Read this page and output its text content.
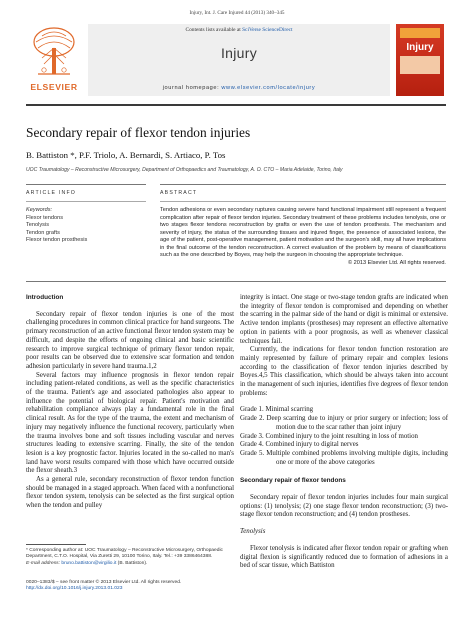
Injury, Int. J. Care Injured 44 (2013) 340–345
ELSEVIER
Contents lists available at SciVerse ScienceDirect
Injury
journal homepage: www.elsevier.com/locate/injury
Injury
Secondary repair of flexor tendon injuries
B. Battiston *, P.F. Triolo, A. Bernardi, S. Artiaco, P. Tos
UOC Traumatology – Reconstructive Microsurgery, Department of Orthopaedics and Traumatology, A. O. CTO – Maria Adelaide, Torino, Italy
ARTICLE INFO	ABSTRACT
Keywords:
Flexor tendons
Tenolysis
Tendon grafts
Flexor tendon prosthesis
Tendon adhesions or even secondary ruptures causing severe hand functional impairment still represent a frequent complication after repair of flexor tendon injuries. Secondary treatment of these problems includes tenolysis, one or two stages flexor tendons reconstruction by grafts or even the use of tendon prosthesis. The mechanism and severity of injury, the status of the surrounding tissues and injured finger, the presence of associated lesions, the age of the patient, post-operative management, patient motivation and the surgeon's skill, may all have implications in the final outcome of the tendon reconstruction. A correct evaluation of the problem by means of classifications such as the one described by Boyes, may help the surgeon in choosing the appropriate technique.
© 2013 Elsevier Ltd. All rights reserved.
Introduction
Secondary repair of flexor tendon injuries is one of the most challenging procedures in common clinical practice for hand surgeons. The primary reconstruction of an active functional flexor tendon system may be difficult, and despite the efforts of ongoing clinical and basic scientific research to improve surgical technique of primary flexor tendon repair, poor results can be observed due to extensive scar formation and tendon adhesion particularly in severe hand trauma.1,2
Several factors may influence prognosis in flexor tendon repair including patient-related conditions, as well as the specific characteristics of the trauma. Patient's age and associated pathologies also appear to influence the potential of biological repair. Patient's motivation and rehabilitation compliance always play a fundamental role in the final clinical result. As for the type of the trauma, the extent and mechanism of injury may negatively influence the functional recovery, particularly when the trauma involves bone and soft tissues including vascular and nerves structures leading to extensive scarring. Finally, the site of the tendon lesion is a key prognostic factor. Injuries located in the so-called no man's land have worst results compared with those which have occurred outside the flexor sheath.3
As a general rule, secondary reconstruction of flexor tendon function should be managed in a staged approach. When faced with a nonfunctional flexor tendon system, tenolysis can be selected as the first surgical option when the tendon and pulley
integrity is intact. One stage or two-stage tendon grafts are indicated when the integrity of flexor tendon is compromised and depending on whether the scarring in the palmar side of the hand or digit is minimal or extensive. Active tendon implants (prostheses) may represent an effective alternative option in patients with a poor prognosis, as well as whenever classical techniques fail.
Currently, the indications for flexor tendon function restoration are mainly represented by failure of primary repair and complex lesions according to the classification of flexor tendon injuries described by Boyes.4,5 This classification, which should be always taken into account in the management of such injuries, identifies five degrees of flexor tendon problems:
Grade 1. Minimal scarring
Grade 2. Deep scarring due to injury or prior surgery or infection; loss of motion due to the scar rather than joint injury
Grade 3. Combined injury to the joint resulting in loss of motion
Grade 4. Combined injury to digital nerves
Grade 5. Multiple combined problems involving multiple digits, including one or more of the above categories
Secondary repair of flexor tendons
Secondary repair of flexor tendon injuries includes four main surgical options: (1) tenolysis; (2) one stage flexor tendon reconstruction; (3) two-stage flexor tendon reconstruction; and (4) tendon prostheses.
Tenolysis
Flexor tenolysis is indicated after flexor tendon repair or grafting when digital flexion is significantly reduced due to formation of adhesions in a bed of scar tissue, which Battiston
* Corresponding author at: UOC Traumatology – Reconstructive Microsurgery, Orthopaedic Department, C.T.O. Hospital, Via Zuretti 29, 10100 Torino, Italy. Tel.: +39 3386464388.
E-mail address: bruno.battiston@virgilio.it (B. Battiston).
0020–1383/$ – see front matter © 2013 Elsevier Ltd. All rights reserved.
http://dx.doi.org/10.1016/j.injury.2013.01.023
